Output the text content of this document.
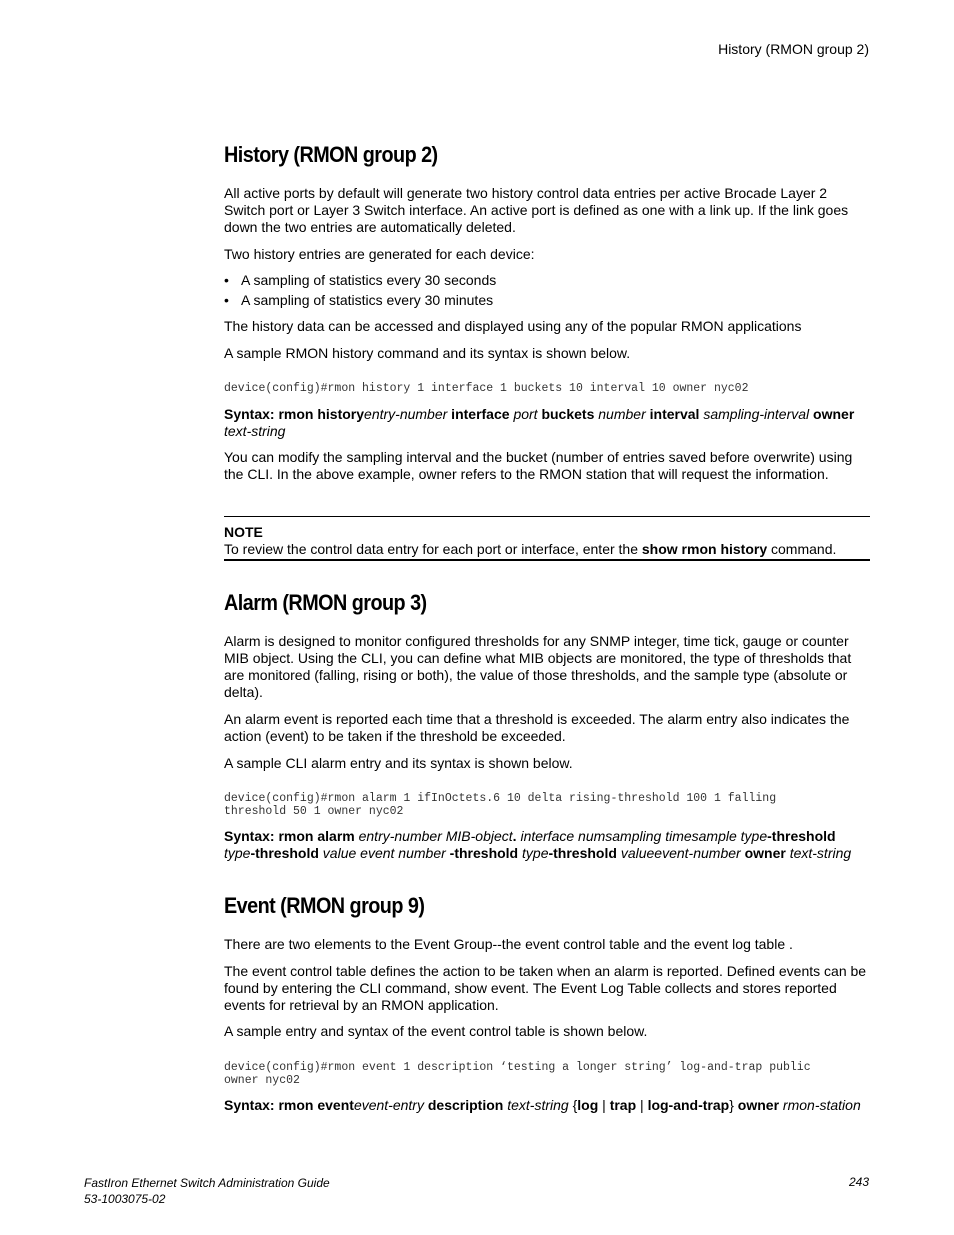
History (RMON group 2)
History (RMON group 2)

All active ports by default will generate two history control data entries per active Brocade Layer 2 Switch port or Layer 3 Switch interface. An active port is defined as one with a link up. If the link goes down the two entries are automatically deleted.

Two history entries are generated for each device:

• A sampling of statistics every 30 seconds
• A sampling of statistics every 30 minutes

The history data can be accessed and displayed using any of the popular RMON applications

A sample RMON history command and its syntax is shown below.

device(config)#rmon history 1 interface 1 buckets 10 interval 10 owner nyc02

Syntax: rmon historyentry-number interface port buckets number interval sampling-interval owner
text-string

You can modify the sampling interval and the bucket (number of entries saved before overwrite) using the CLI. In the above example, owner refers to the RMON station that will request the information.

NOTE

To review the control data entry for each port or interface, enter the show rmon history command.

Alarm (RMON group 3)

Alarm is designed to monitor configured thresholds for any SNMP integer, time tick, gauge or counter MIB object. Using the CLI, you can define what MIB objects are monitored, the type of thresholds that are monitored (falling, rising or both), the value of those thresholds, and the sample type (absolute or delta).

An alarm event is reported each time that a threshold is exceeded. The alarm entry also indicates the action (event) to be taken if the threshold be exceeded.

A sample CLI alarm entry and its syntax is shown below.

device(config)#rmon alarm 1 ifInOctets.6 10 delta rising-threshold 100 1 falling
threshold 50 1 owner nyc02

Syntax: rmon alarm entry-number MIB-object. interface numsampling timesample type-threshold
type-threshold value event number -threshold type-threshold valueevent-number owner text-string

Event (RMON group 9)

There are two elements to the Event Group--the event control table and the event log table .

The event control table defines the action to be taken when an alarm is reported. Defined events can be found by entering the CLI command, show event. The Event Log Table collects and stores reported events for retrieval by an RMON application.

A sample entry and syntax of the event control table is shown below.

device(config)#rmon event 1 description ‘testing a longer string’ log-and-trap public
owner nyc02

Syntax: rmon eventevent-entry description text-string {log | trap | log-and-trap} owner rmon-station

FastIron Ethernet Switch Administration Guide
53-1003075-02
243
